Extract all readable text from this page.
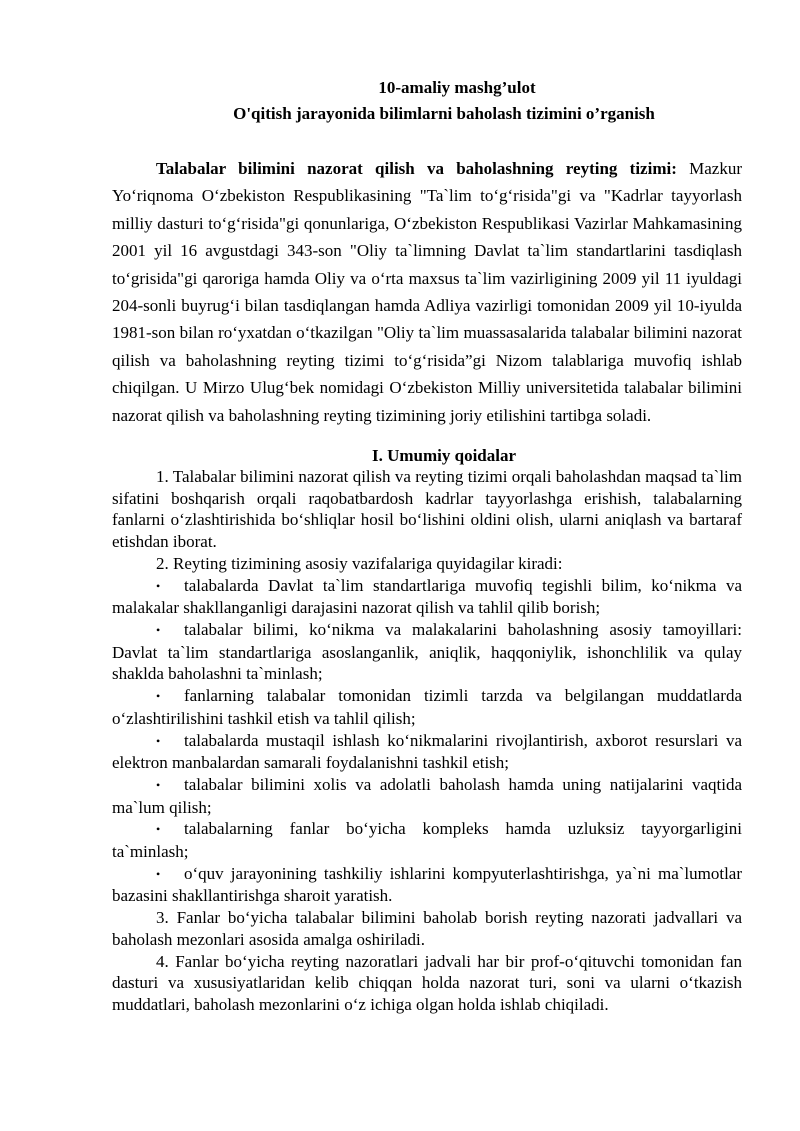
10-amaliy mashg’ulot
O'qitish jarayonida bilimlarni baholash tizimini o’rganish

Talabalar bilimini nazorat qilish va baholashning reyting tizimi: Mazkur Yo‘riqnoma O‘zbekiston Respublikasining "Ta`lim to‘g‘risida"gi va "Kadrlar tayyorlash milliy dasturi to‘g‘risida"gi qonunlariga, O‘zbekiston Respublikasi Vazirlar Mahkamasining 2001 yil 16 avgustdagi 343-son "Oliy ta`limning Davlat ta`lim standartlarini tasdiqlash to‘grisida"gi qaroriga hamda Oliy va o‘rta maxsus ta`lim vazirligining 2009 yil 11 iyuldagi 204-sonli buyrug‘i bilan tasdiqlangan hamda Adliya vazirligi tomonidan 2009 yil 10-iyulda 1981-son bilan ro‘yxatdan o‘tkazilgan "Oliy ta`lim muassasalarida talabalar bilimini nazorat qilish va baholashning reyting tizimi to‘g‘risida”gi Nizom talablariga muvofiq ishlab chiqilgan. U Mirzo Ulug‘bek nomidagi O‘zbekiston Milliy universitetida talabalar bilimini nazorat qilish va baholashning reyting tizimining joriy etilishini tartibga soladi.

I. Umumiy qoidalar

1. Talabalar bilimini nazorat qilish va reyting tizimi orqali baholashdan maqsad ta`lim sifatini boshqarish orqali raqobatbardosh kadrlar tayyorlashga erishish, talabalarning fanlarni o‘zlashtirishida bo‘shliqlar hosil bo‘lishini oldini olish, ularni aniqlash va bartaraf etishdan iborat.

2. Reyting tizimining asosiy vazifalariga quyidagilar kiradi:

• talabalarda Davlat ta`lim standartlariga muvofiq tegishli bilim, ko‘nikma va malakalar shakllanganligi darajasini nazorat qilish va tahlil qilib borish;

• talabalar bilimi, ko‘nikma va malakalarini baholashning asosiy tamoyillari: Davlat ta`lim standartlariga asoslanganlik, aniqlik, haqqoniylik, ishonchlilik va qulay shaklda baholashni ta`minlash;

• fanlarning talabalar tomonidan tizimli tarzda va belgilangan muddatlarda o‘zlashtirilishini tashkil etish va tahlil qilish;

• talabalarda mustaqil ishlash ko‘nikmalarini rivojlantirish, axborot resurslari va elektron manbalardan samarali foydalanishni tashkil etish;

• talabalar bilimini xolis va adolatli baholash hamda uning natijalarini vaqtida ma`lum qilish;

• talabalarning fanlar bo‘yicha kompleks hamda uzluksiz tayyorgarligini ta`minlash;

• o‘quv jarayonining tashkiliy ishlarini kompyuterlashtirishga, ya`ni ma`lumotlar bazasini shakllantirishga sharoit yaratish.

3. Fanlar bo‘yicha talabalar bilimini baholab borish reyting nazorati jadvallari va baholash mezonlari asosida amalga oshiriladi.

4. Fanlar bo‘yicha reyting nazoratlari jadvali har bir prof-o‘qituvchi tomonidan fan dasturi va xususiyatlaridan kelib chiqqan holda nazorat turi, soni va ularni o‘tkazish muddatlari, baholash mezonlarini o‘z ichiga olgan holda ishlab chiqiladi.
